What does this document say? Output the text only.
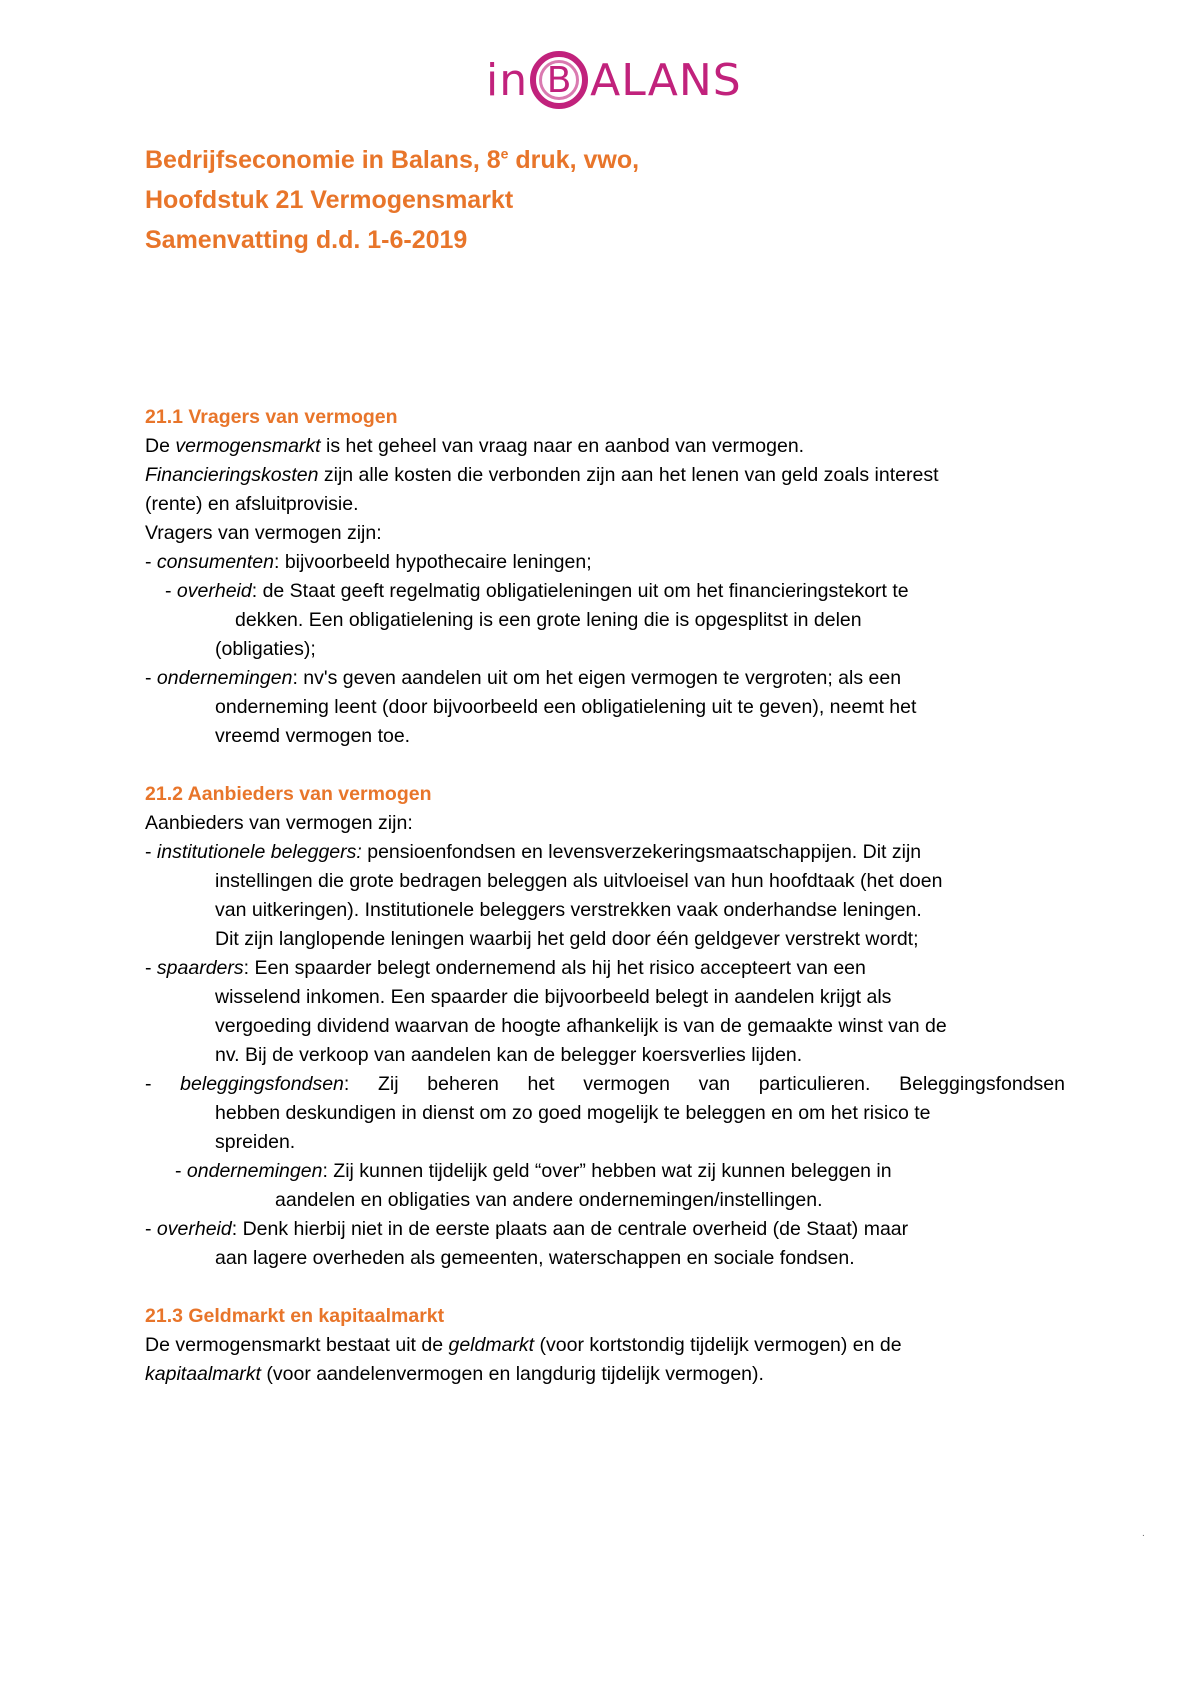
in B ALANS
Bedrijfseconomie in Balans, 8e druk, vwo,
Hoofdstuk 21 Vermogensmarkt
Samenvatting d.d. 1-6-2019
21.1 Vragers van vermogen
De vermogensmarkt is het geheel van vraag naar en aanbod van vermogen.
Financieringskosten zijn alle kosten die verbonden zijn aan het lenen van geld zoals interest
(rente) en afsluitprovisie.
Vragers van vermogen zijn:
- consumenten: bijvoorbeeld hypothecaire leningen;
- overheid: de Staat geeft regelmatig obligatieleningen uit om het financieringstekort te
dekken. Een obligatielening is een grote lening die is opgesplitst in delen
(obligaties);
- ondernemingen: nv's geven aandelen uit om het eigen vermogen te vergroten; als een
onderneming leent (door bijvoorbeeld een obligatielening uit te geven), neemt het
vreemd vermogen toe.
21.2 Aanbieders van vermogen
Aanbieders van vermogen zijn:
- institutionele beleggers: pensioenfondsen en levensverzekeringsmaatschappijen. Dit zijn
instellingen die grote bedragen beleggen als uitvloeisel van hun hoofdtaak (het doen
van uitkeringen). Institutionele beleggers verstrekken vaak onderhandse leningen.
Dit zijn langlopende leningen waarbij het geld door één geldgever verstrekt wordt;
- spaarders: Een spaarder belegt ondernemend als hij het risico accepteert van een
wisselend inkomen. Een spaarder die bijvoorbeeld belegt in aandelen krijgt als
vergoeding dividend waarvan de hoogte afhankelijk is van de gemaakte winst van de
nv. Bij de verkoop van aandelen kan de belegger koersverlies lijden.
- beleggingsfondsen: Zij beheren het vermogen van particulieren. Beleggingsfondsen
hebben deskundigen in dienst om zo goed mogelijk te beleggen en om het risico te
spreiden.
- ondernemingen: Zij kunnen tijdelijk geld “over” hebben wat zij kunnen beleggen in
aandelen en obligaties van andere ondernemingen/instellingen.
- overheid: Denk hierbij niet in de eerste plaats aan de centrale overheid (de Staat) maar
aan lagere overheden als gemeenten, waterschappen en sociale fondsen.
21.3 Geldmarkt en kapitaalmarkt
De vermogensmarkt bestaat uit de geldmarkt (voor kortstondig tijdelijk vermogen) en de
kapitaalmarkt (voor aandelenvermogen en langdurig tijdelijk vermogen).
.
